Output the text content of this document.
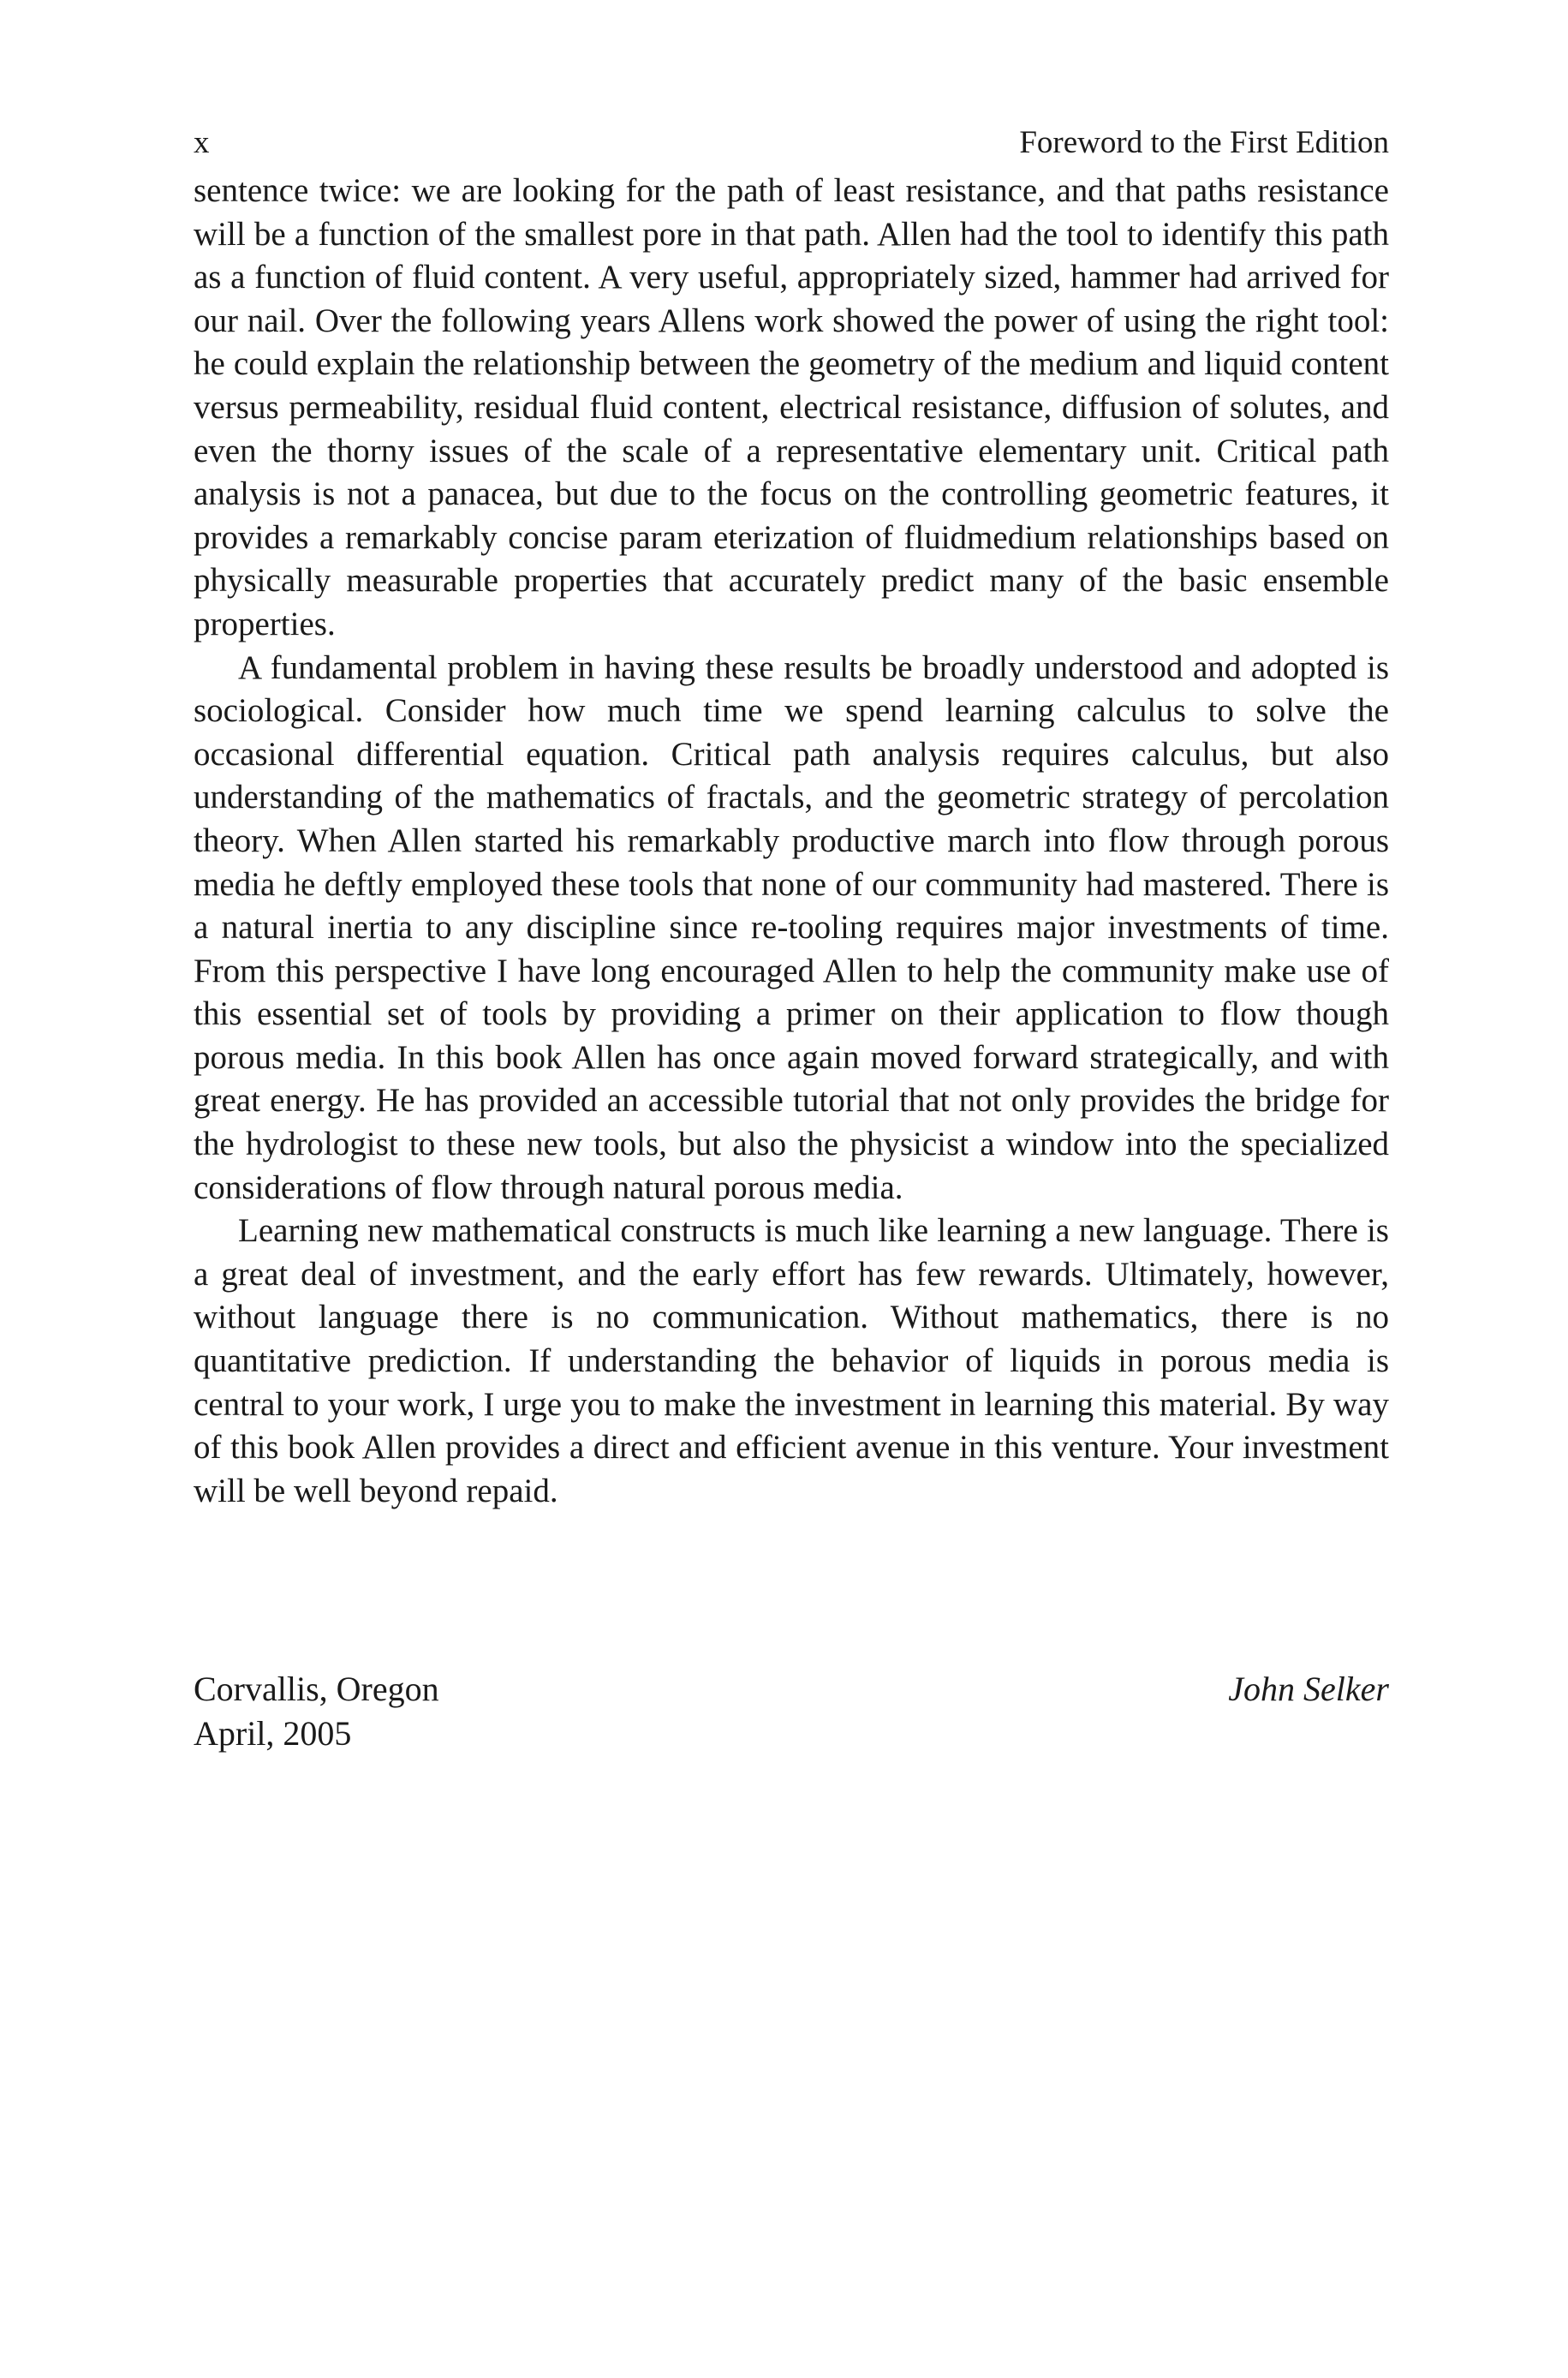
x	Foreword to the First Edition

sentence twice: we are looking for the path of least resistance, and that paths resistance will be a function of the smallest pore in that path. Allen had the tool to identify this path as a function of fluid content. A very useful, appropriately sized, hammer had arrived for our nail. Over the following years Allens work showed the power of using the right tool: he could explain the relationship between the geometry of the medium and liquid content versus permeability, residual fluid content, electrical resistance, diffusion of solutes, and even the thorny issues of the scale of a representative elementary unit. Critical path analysis is not a panacea, but due to the focus on the controlling geometric features, it provides a remarkably concise param eterization of fluidmedium relationships based on physically measurable properties that accurately predict many of the basic ensemble properties.

A fundamental problem in having these results be broadly understood and adopted is sociological. Consider how much time we spend learning calculus to solve the occasional differential equation. Critical path analysis requires calculus, but also understanding of the mathematics of fractals, and the geometric strategy of percolation theory. When Allen started his remarkably productive march into flow through porous media he deftly employed these tools that none of our community had mastered. There is a natural inertia to any discipline since re-tooling requires major investments of time. From this perspective I have long encouraged Allen to help the community make use of this essential set of tools by providing a primer on their application to flow though porous media. In this book Allen has once again moved forward strategically, and with great energy. He has provided an accessible tutorial that not only provides the bridge for the hydrologist to these new tools, but also the physicist a window into the specialized considerations of flow through natural porous media.

Learning new mathematical constructs is much like learning a new language. There is a great deal of investment, and the early effort has few rewards. Ultimately, however, without language there is no communication. Without mathematics, there is no quantitative prediction. If understanding the behavior of liquids in porous media is central to your work, I urge you to make the investment in learning this material. By way of this book Allen provides a direct and efficient avenue in this venture. Your investment will be well beyond repaid.

Corvallis, Oregon
April, 2005
John Selker
